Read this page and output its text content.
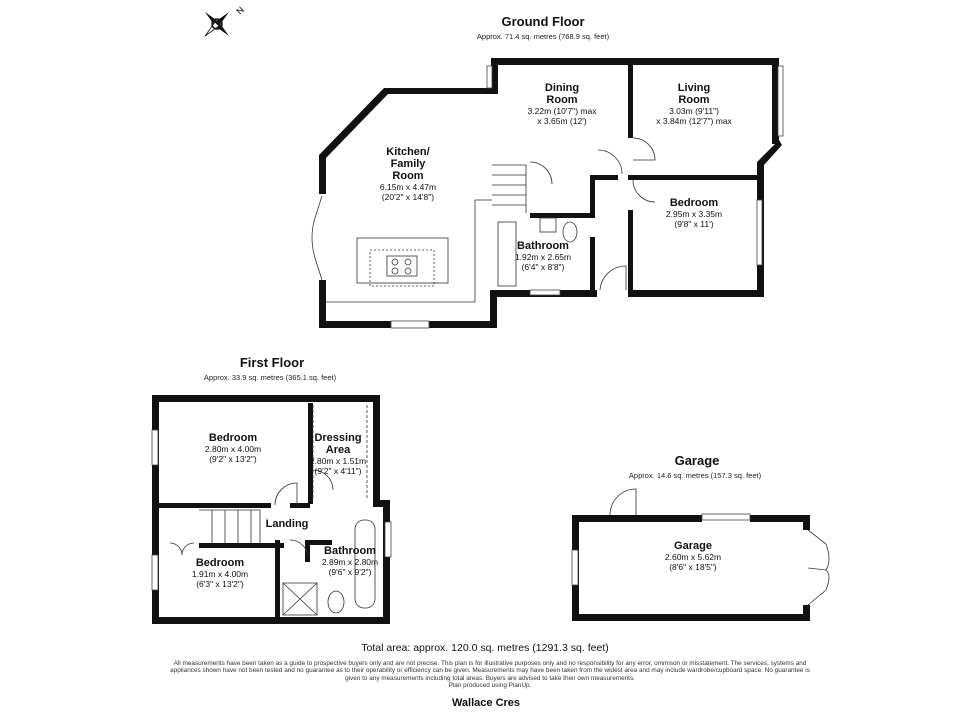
N
Ground Floor
Approx. 71.4 sq. metres (768.9 sq. feet)
Dining
Room
3.22m (10'7") max
x 3.65m (12')
Living
Room
3.03m (9'11")
x 3.84m (12'7") max
Kitchen/
Family
Room
6.15m x 4.47m
(20'2" x 14'8")	Bedroom
2.95m x 3.35m
(9'8" x 11')
Bathroom
1.92m x 2.65m
(6'4" x 8'8")
First Floor
Approx. 33.9 sq. metres (365.1 sq. feet)
Bedroom
2.80m x 4.00m
(9'2" x 13'2")
Dressing
Area
2.80m x 1.51m
(9'2" x 4'11")
Landing
Bedroom
1.91m x 4.00m
(6'3" x 13'2")
Bathroom
2.89m x 2.80m
(9'6" x 9'2")
Garage
Approx. 14.6 sq. metres (157.3 sq. feet)
Garage
2.60m x 5.62m
(8'6" x 18'5")
Total area: approx. 120.0 sq. metres (1291.3 sq. feet)
All measurements have been taken as a guide to prospective buyers only and are not precise. This plan is for illustrative purposes only and no responsibility for any error, ommison or misstatement. The services, systems and appliances shown have not been tested and no guarantee as to their operability or efficiency can be given. Measurements may have been taken from the widest area and may include wardrobe/cupboard space. No guarantee is given to any measurements including total areas. Buyers are advised to take their own measurements.
Plan produced using PlanUp.
Wallace Cres
